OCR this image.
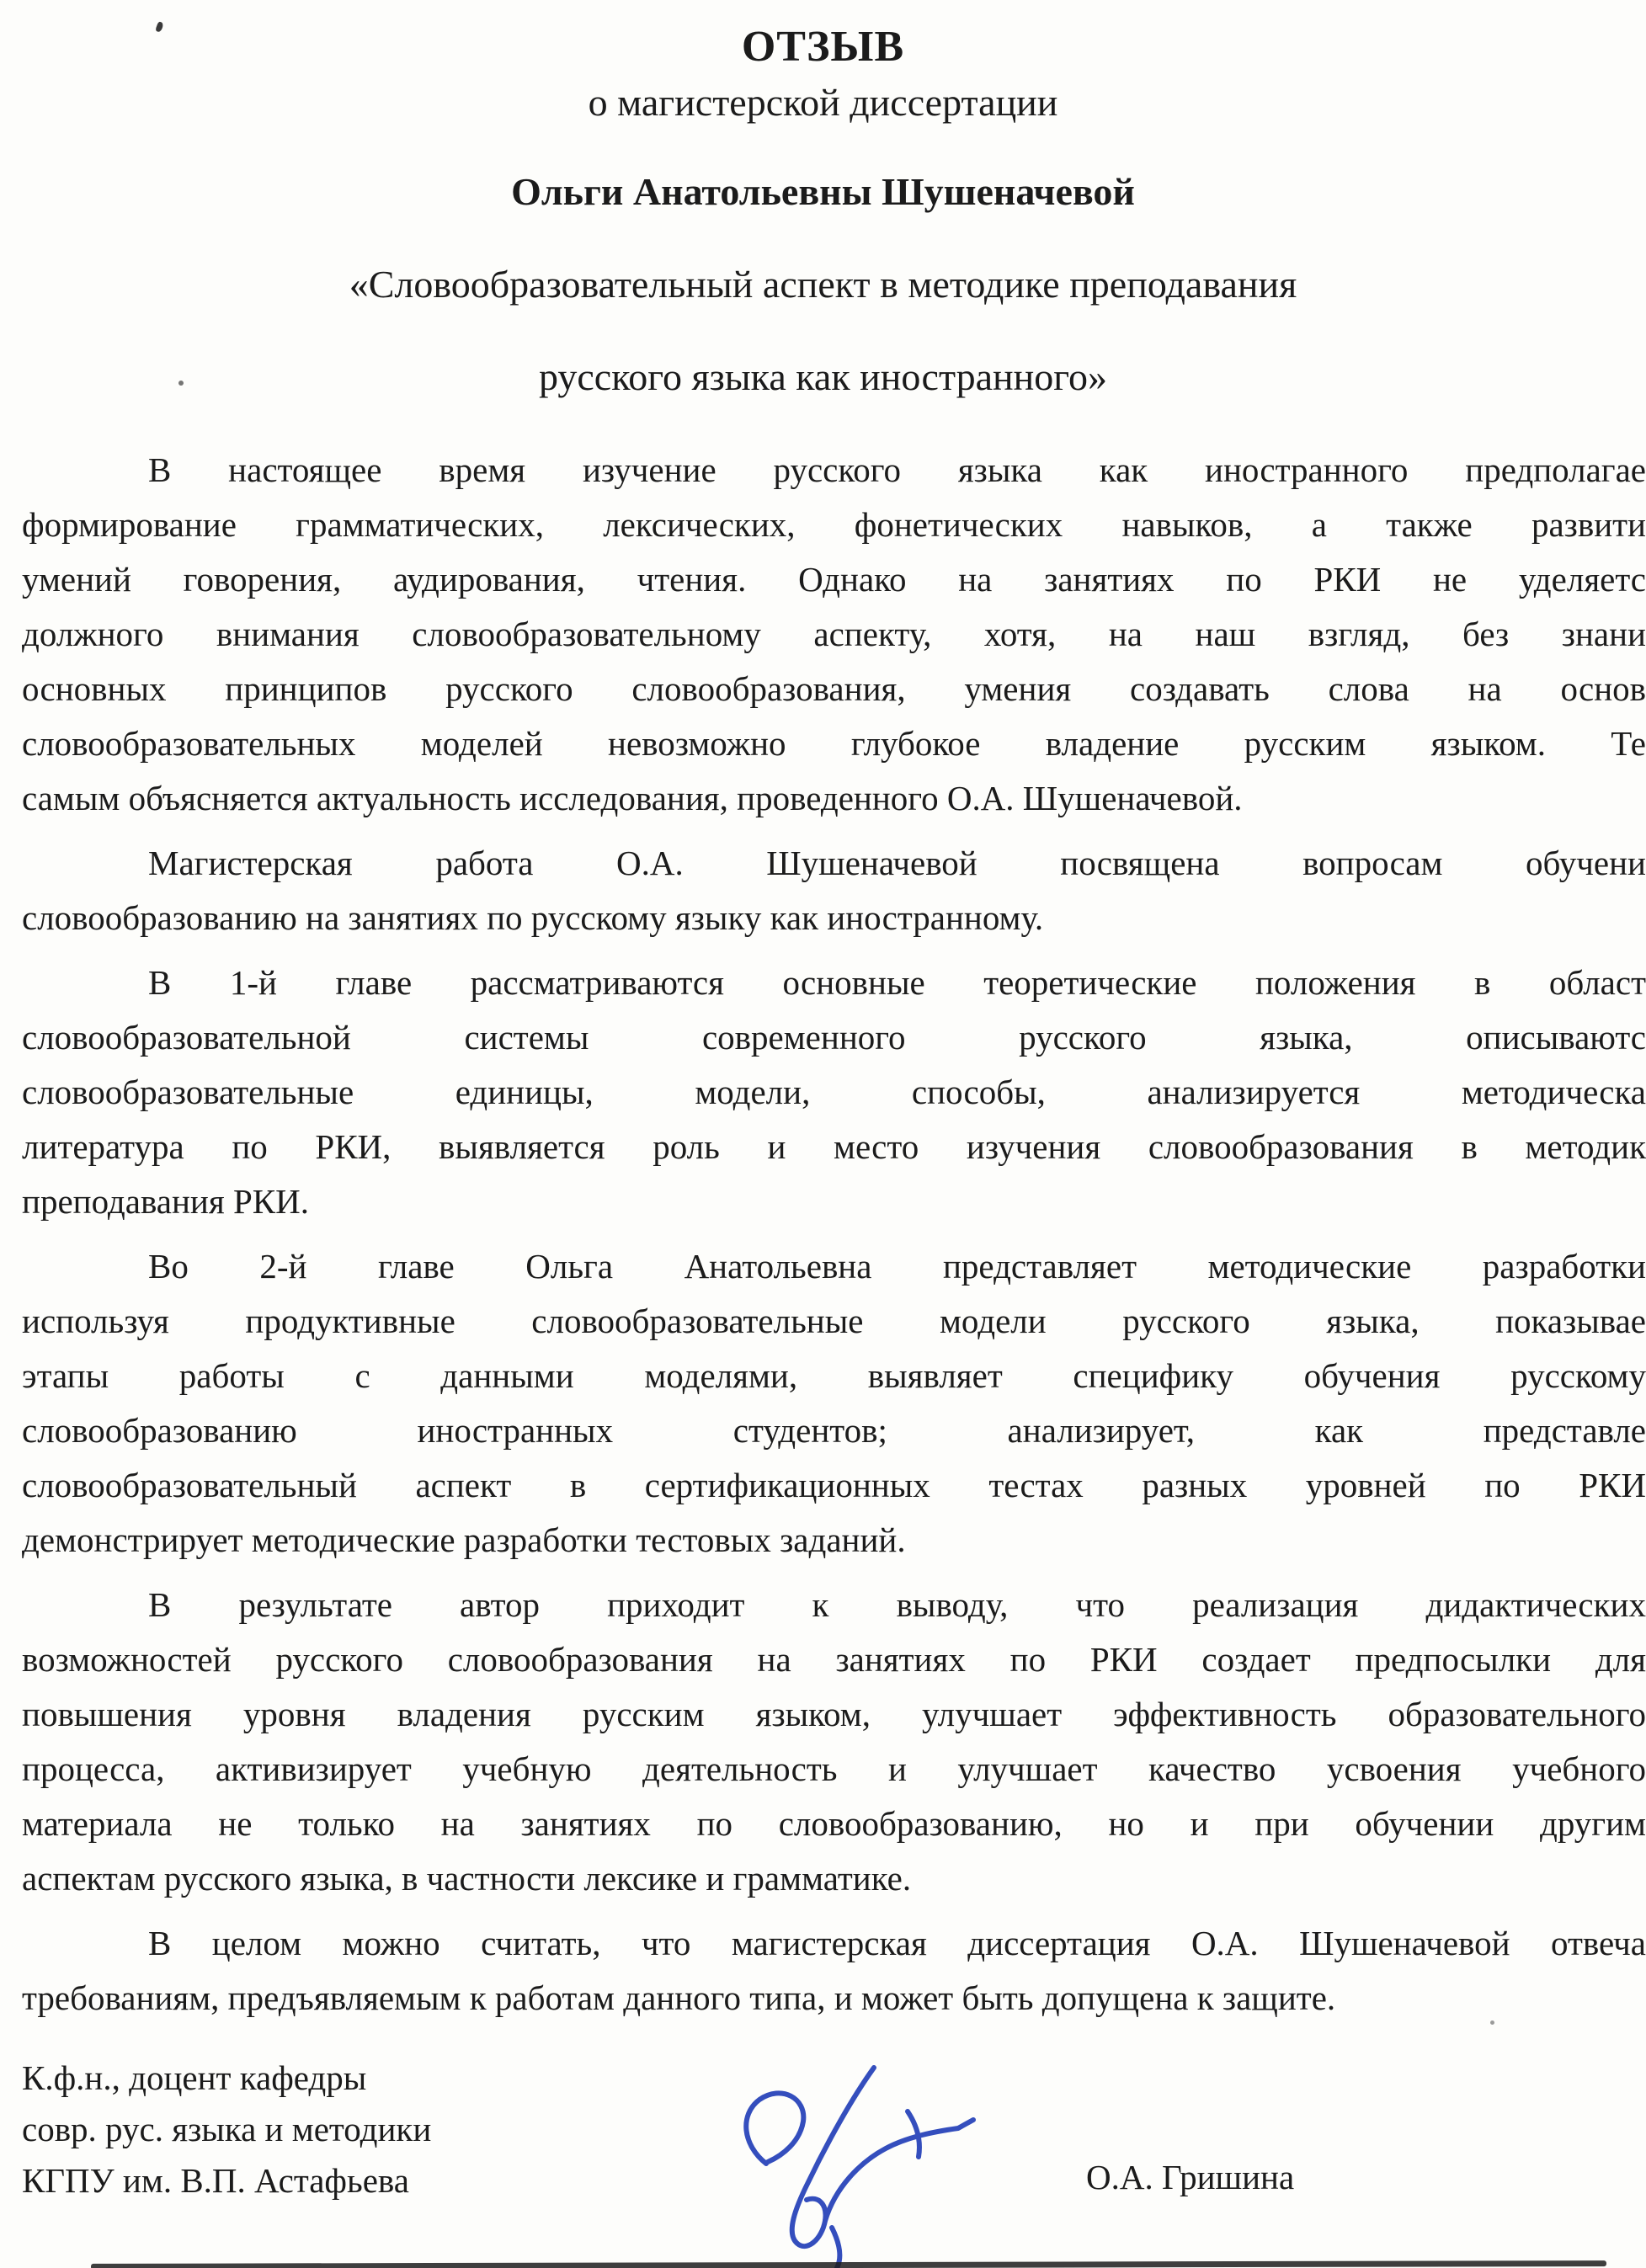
ОТЗЫВ
о магистерской диссертации
Ольги Анатольевны Шушеначевой
«Словообразовательный аспект в методике преподавания
русского языка как иностранного»
В настоящее время изучение русского языка как иностранного предполагае
формирование грамматических, лексических, фонетических навыков, а также развити
умений говорения, аудирования, чтения. Однако на занятиях по РКИ не уделяетс
должного внимания словообразовательному аспекту, хотя, на наш взгляд, без знани
основных принципов русского словообразования, умения создавать слова на основ
словообразовательных моделей невозможно глубокое владение русским языком. Те
самым объясняется актуальность исследования, проведенного О.А. Шушеначевой.
Магистерская работа О.А. Шушеначевой посвящена вопросам обучени
словообразованию на занятиях по русскому языку как иностранному.
В 1-й главе рассматриваются основные теоретические положения в област
словообразовательной системы современного русского языка, описываютс
словообразовательные единицы, модели, способы, анализируется методическа
литература по РКИ, выявляется роль и место изучения словообразования в методик
преподавания РКИ.
Во 2-й главе Ольга Анатольевна представляет методические разработки
используя продуктивные словообразовательные модели русского языка, показывае
этапы работы с данными моделями, выявляет специфику обучения русскому
словообразованию иностранных студентов; анализирует, как представле
словообразовательный аспект в сертификационных тестах разных уровней по РКИ
демонстрирует методические разработки тестовых заданий.
В результате автор приходит к выводу, что реализация дидактических
возможностей русского словообразования на занятиях по РКИ создает предпосылки для
повышения уровня владения русским языком, улучшает эффективность образовательного
процесса, активизирует учебную деятельность и улучшает качество усвоения учебного
материала не только на занятиях по словообразованию, но и при обучении другим
аспектам русского языка, в частности лексике и грамматике.
В целом можно считать, что магистерская диссертация О.А. Шушеначевой отвеча
требованиям, предъявляемым к работам данного типа, и может быть допущена к защите.
К.ф.н., доцент кафедры
совр. рус. языка и методики
КГПУ им. В.П. Астафьева	О.А. Гришина
